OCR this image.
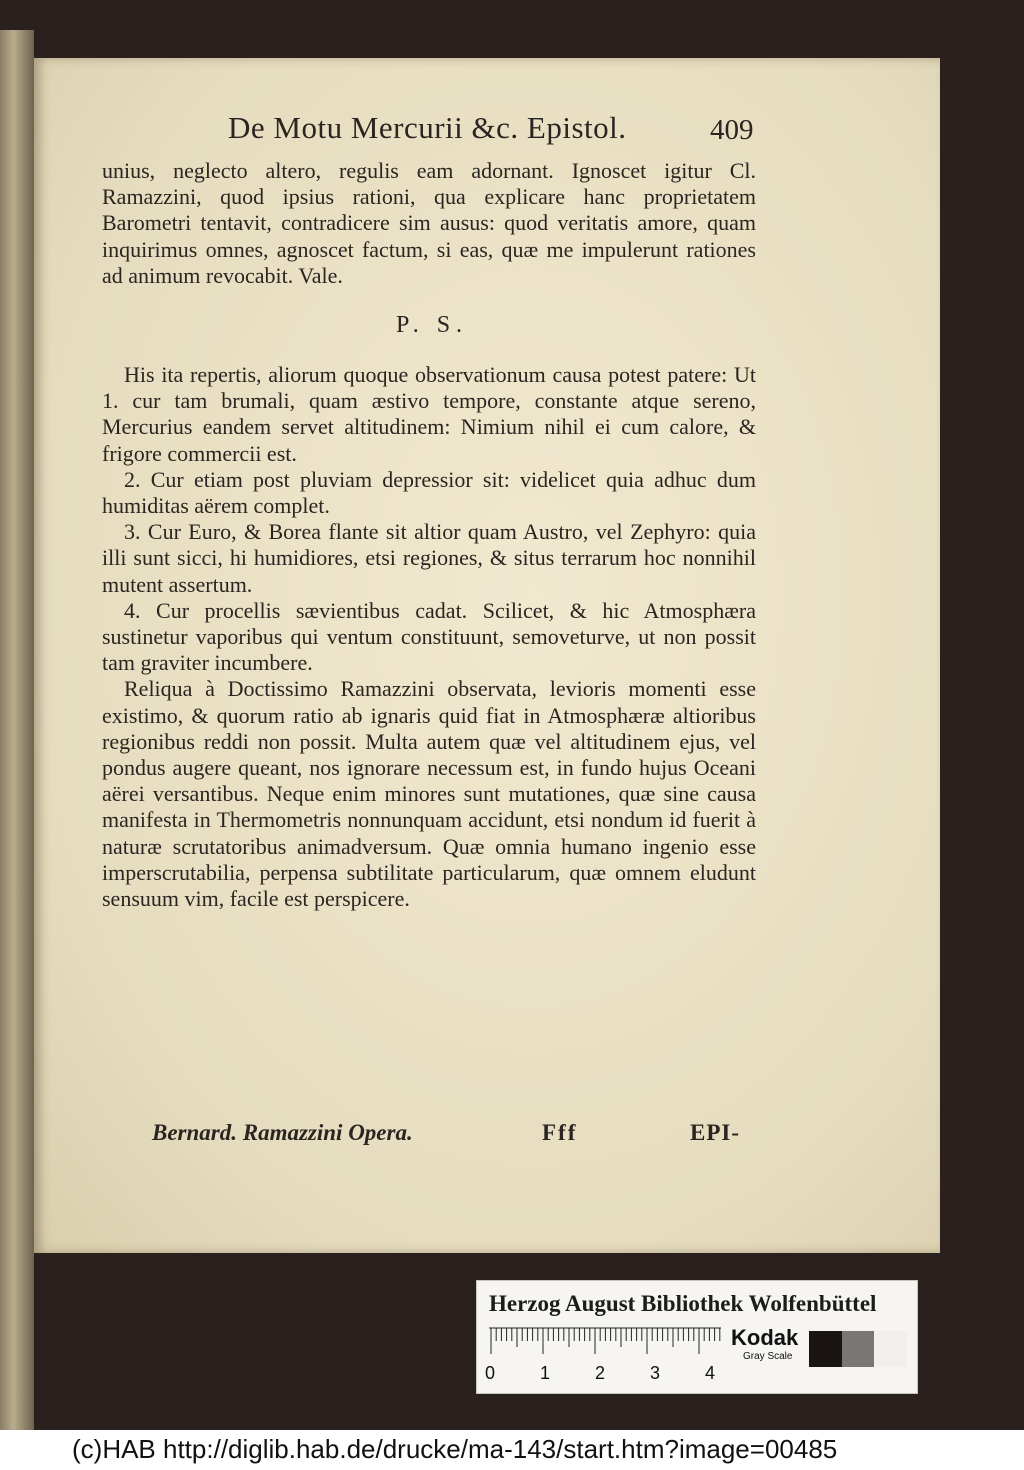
De Motu Mercurii &c. Epistol.	409

unius, neglecto altero, regulis eam adornant. Ignoscet igitur Cl. Ramazzini, quod ipsius rationi, qua explicare hanc proprietatem Barometri tentavit, contradicere sim ausus: quod veritatis amore, quam inquirimus omnes, agnoscet factum, si eas, quæ me impulerunt rationes ad animum revocabit. Vale.

P. S.

His ita repertis, aliorum quoque observationum causa potest patere: Ut 1. cur tam brumali, quam æstivo tempore, constante atque sereno, Mercurius eandem servet altitudinem: Nimium nihil ei cum calore, & frigore commercii est.

2. Cur etiam post pluviam depressior sit: videlicet quia adhuc dum humiditas aërem complet.

3. Cur Euro, & Borea flante sit altior quam Austro, vel Zephyro: quia illi sunt sicci, hi humidiores, etsi regiones, & situs terrarum hoc nonnihil mutent assertum.

4. Cur procellis sævientibus cadat. Scilicet, & hic Atmosphæra sustinetur vaporibus qui ventum constituunt, semoveturve, ut non possit tam graviter incumbere.

Reliqua à Doctissimo Ramazzini observata, levioris momenti esse existimo, & quorum ratio ab ignaris quid fiat in Atmosphæræ altioribus regionibus reddi non possit. Multa autem quæ vel altitudinem ejus, vel pondus augere queant, nos ignorare necessum est, in fundo hujus Oceani aërei versantibus. Neque enim minores sunt mutationes, quæ sine causa manifesta in Thermometris nonnunquam accidunt, etsi nondum id fuerit à naturæ scrutatoribus animadversum. Quæ omnia humano ingenio esse imperscrutabilia, perpensa subtilitate particularum, quæ omnem eludunt sensuum vim, facile est perspicere.

Bernard. Ramazzini Opera.	Fff	EPI-
Herzog August Bibliothek Wolfenbüttel
0 1 2 3 4
Kodak
Gray Scale
(c)HAB http://diglib.hab.de/drucke/ma-143/start.htm?image=00485
